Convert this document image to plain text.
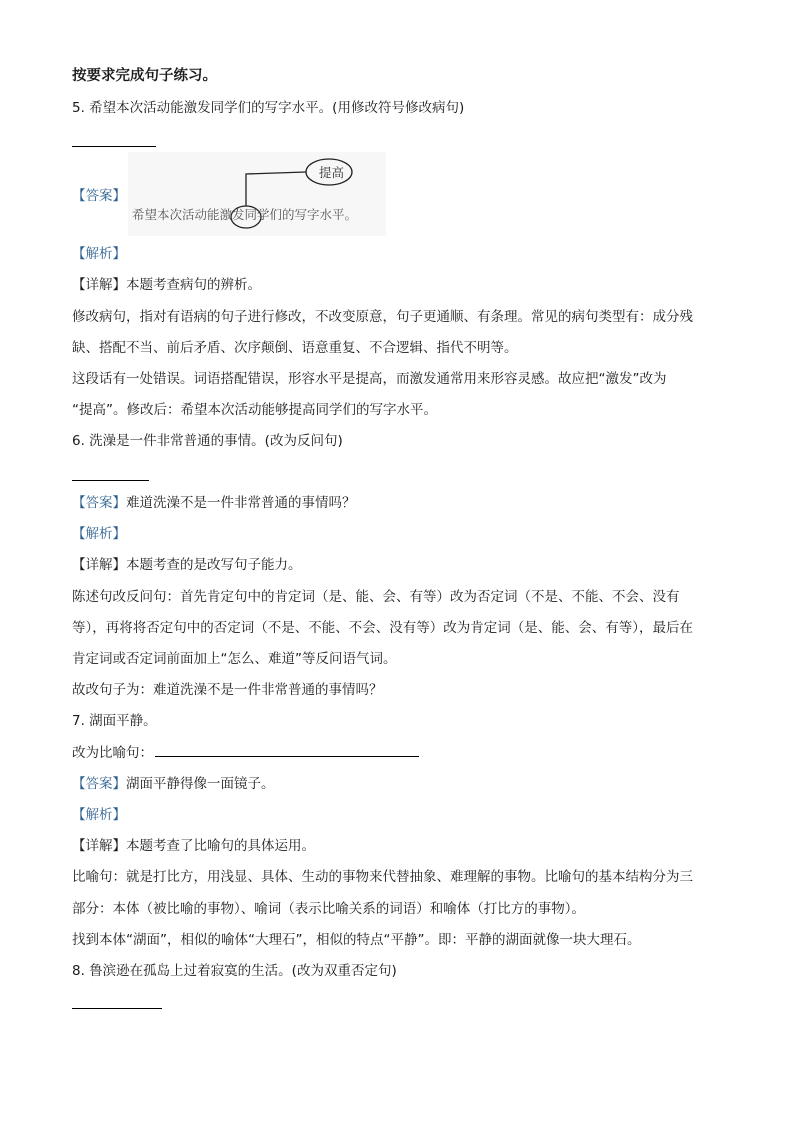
按要求完成句子练习。
5. 希望本次活动能激发同学们的写字水平。(用修改符号修改病句)
【答案】
提高
希望本次活动能激发同学们的写字水平。
【解析】
【详解】本题考查病句的辨析。
修改病句，指对有语病的句子进行修改，不改变原意，句子更通顺、有条理。常见的病句类型有：成分残
缺、搭配不当、前后矛盾、次序颠倒、语意重复、不合逻辑、指代不明等。
这段话有一处错误。词语搭配错误，形容水平是提高，而激发通常用来形容灵感。故应把“激发”改为
“提高”。修改后：希望本次活动能够提高同学们的写字水平。
6. 洗澡是一件非常普通的事情。(改为反问句)
【答案】难道洗澡不是一件非常普通的事情吗？
【解析】
【详解】本题考查的是改写句子能力。
陈述句改反问句：首先肯定句中的肯定词（是、能、会、有等）改为否定词（不是、不能、不会、没有
等），再将将否定句中的否定词（不是、不能、不会、没有等）改为肯定词（是、能、会、有等），最后在
肯定词或否定词前面加上“怎么、难道”等反问语气词。
故改句子为：难道洗澡不是一件非常普通的事情吗？
7. 湖面平静。
改为比喻句：
【答案】湖面平静得像一面镜子。
【解析】
【详解】本题考查了比喻句的具体运用。
比喻句：就是打比方，用浅显、具体、生动的事物来代替抽象、难理解的事物。比喻句的基本结构分为三
部分：本体（被比喻的事物）、喻词（表示比喻关系的词语）和喻体（打比方的事物）。
找到本体“湖面”，相似的喻体“大理石”，相似的特点“平静”。即：平静的湖面就像一块大理石。
8. 鲁滨逊在孤岛上过着寂寞的生活。(改为双重否定句)
